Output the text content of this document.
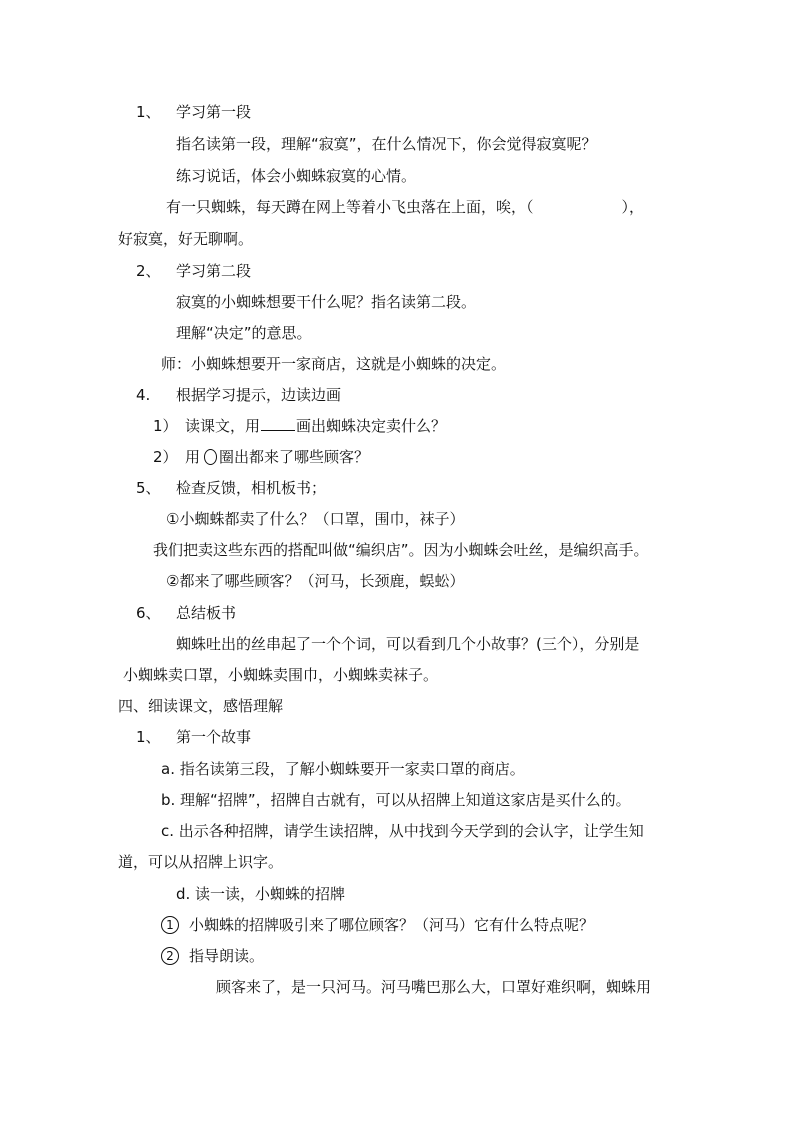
1、 学习第一段
指名读第一段，理解“寂寞”，在什么情况下，你会觉得寂寞呢？
练习说话，体会小蜘蛛寂寞的心情。
有一只蜘蛛，每天蹲在网上等着小飞虫落在上面，唉，（	），
好寂寞，好无聊啊。
2、 学习第二段
寂寞的小蜘蛛想要干什么呢？指名读第二段。
理解“决定”的意思。
师：小蜘蛛想要开一家商店，这就是小蜘蛛的决定。
4. 根据学习提示，边读边画
1） 读课文，用 画出蜘蛛决定卖什么？
2） 用 ○ 圈出都来了哪些顾客？
5、 检查反馈，相机板书；
①小蜘蛛都卖了什么？（口罩，围巾，袜子）
我们把卖这些东西的搭配叫做“编织店”。因为小蜘蛛会吐丝，是编织高手。
②都来了哪些顾客？（河马，长颈鹿，蜈蚣）
6、 总结板书
蜘蛛吐出的丝串起了一个个词，可以看到几个小故事？(三个），分别是
小蜘蛛卖口罩，小蜘蛛卖围巾，小蜘蛛卖袜子。
四、细读课文，感悟理解
1、 第一个故事
a. 指名读第三段，了解小蜘蛛要开一家卖口罩的商店。
b. 理解“招牌”，招牌自古就有，可以从招牌上知道这家店是买什么的。
c. 出示各种招牌，请学生读招牌，从中找到今天学到的会认字，让学生知
道，可以从招牌上识字。
d. 读一读，小蜘蛛的招牌
1 小蜘蛛的招牌吸引来了哪位顾客？（河马）它有什么特点呢？
2 指导朗读。
顾客来了，是一只河马。河马嘴巴那么大，口罩好难织啊，蜘蛛用
